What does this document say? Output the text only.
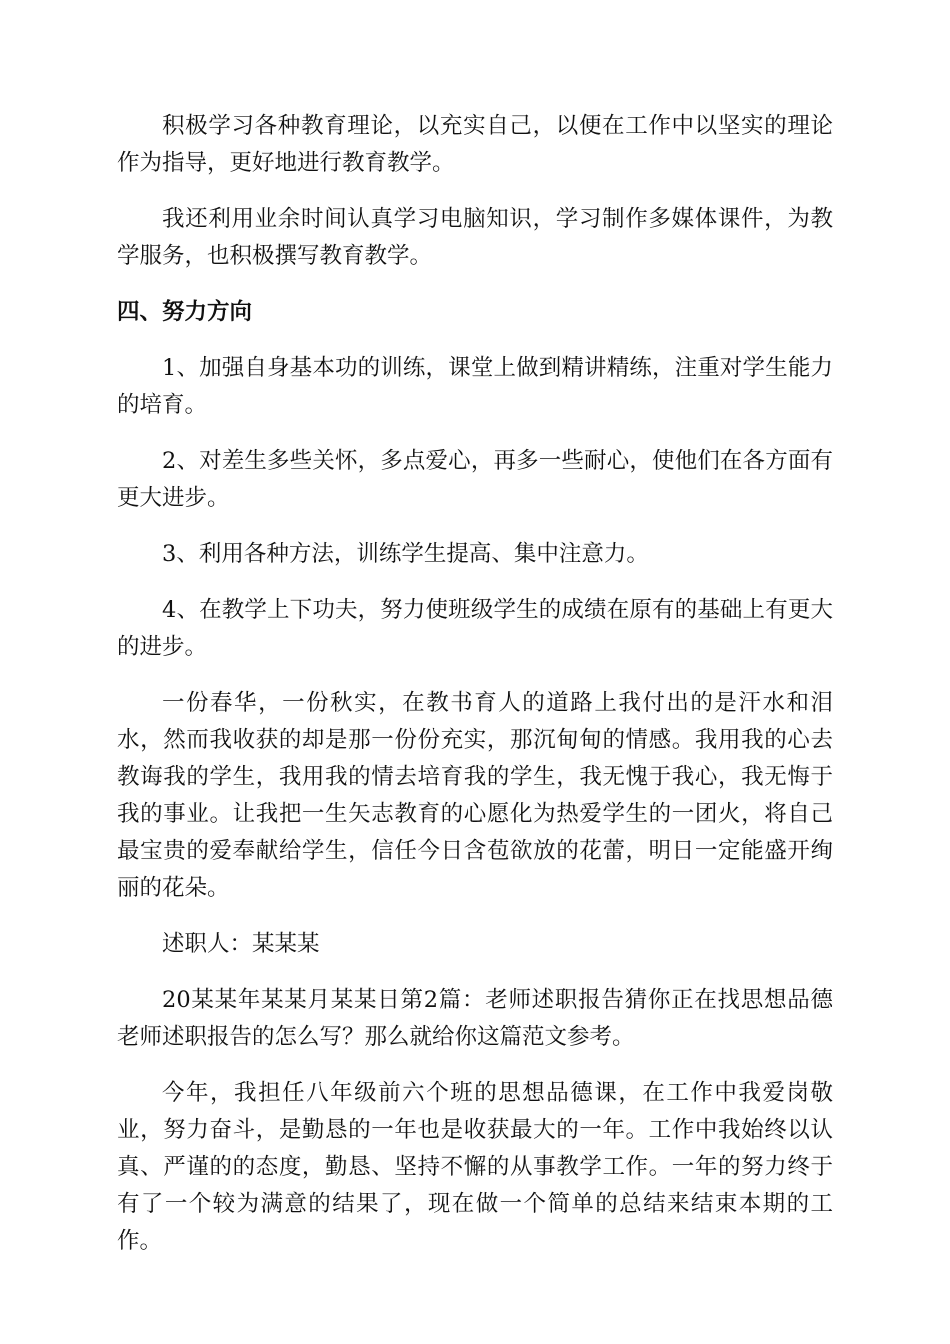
积极学习各种教育理论，以充实自己，以便在工作中以坚实的理论作为指导，更好地进行教育教学。

我还利用业余时间认真学习电脑知识，学习制作多媒体课件，为教学服务，也积极撰写教育教学。

四、努力方向

1、加强自身基本功的训练，课堂上做到精讲精练，注重对学生能力的培育。

2、对差生多些关怀，多点爱心，再多一些耐心，使他们在各方面有更大进步。

3、利用各种方法，训练学生提高、集中注意力。

4、在教学上下功夫，努力使班级学生的成绩在原有的基础上有更大的进步。

一份春华，一份秋实，在教书育人的道路上我付出的是汗水和泪水，然而我收获的却是那一份份充实，那沉甸甸的情感。我用我的心去教诲我的学生，我用我的情去培育我的学生，我无愧于我心，我无悔于我的事业。让我把一生矢志教育的心愿化为热爱学生的一团火，将自己最宝贵的爱奉献给学生，信任今日含苞欲放的花蕾，明日一定能盛开绚丽的花朵。

述职人：某某某

20某某年某某月某某日第2篇：老师述职报告猜你正在找思想品德老师述职报告的怎么写？那么就给你这篇范文参考。

今年，我担任八年级前六个班的思想品德课，在工作中我爱岗敬业，努力奋斗，是勤恳的一年也是收获最大的一年。工作中我始终以认真、严谨的的态度，勤恳、坚持不懈的从事教学工作。一年的努力终于有了一个较为满意的结果了，现在做一个简单的总结来结束本期的工作。
